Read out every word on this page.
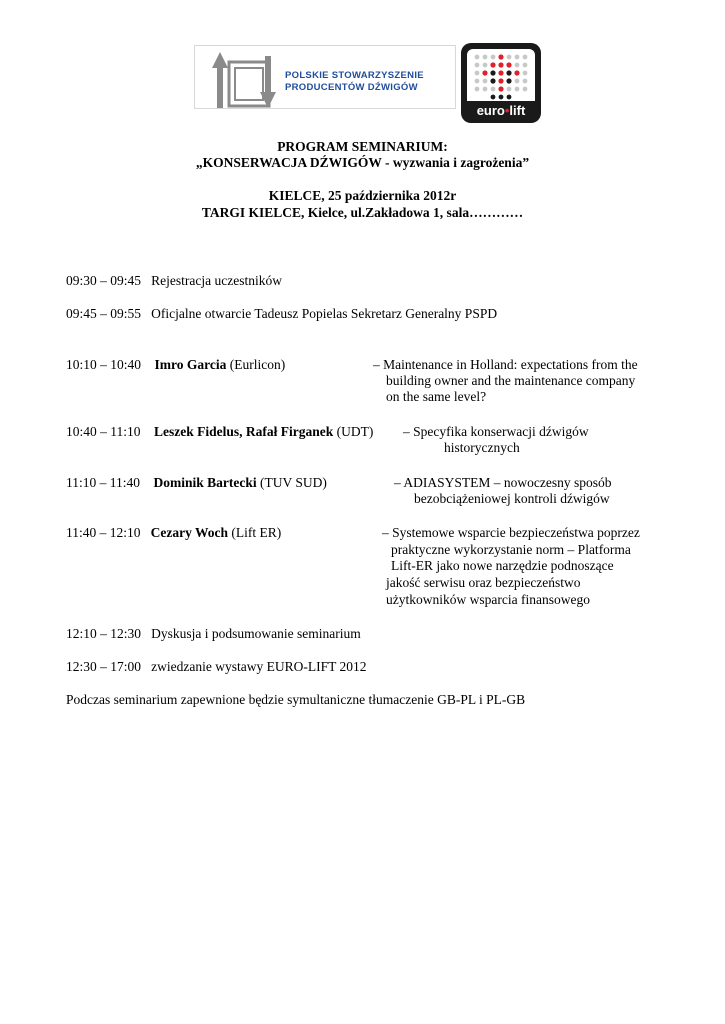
POLSKIE STOWARZYSZENIE
PRODUCENTÓW DŹWIGÓW
euro•lift
PROGRAM SEMINARIUM:
„KONSERWACJA DŹWIGÓW - wyzwania i zagrożenia”
KIELCE, 25 października 2012r
TARGI KIELCE, Kielce, ul.Zakładowa 1, sala…………
09:30 – 09:45 Rejestracja uczestników
09:45 – 09:55 Oficjalne otwarcie Tadeusz Popielas Sekretarz Generalny PSPD
10:10 – 10:40 Imro Garcia (Eurlicon)	– Maintenance in Holland: expectations from the
building owner and the maintenance company
on the same level?
10:40 – 11:10 Leszek Fidelus, Rafał Firganek (UDT) – Specyfika konserwacji dźwigów
historycznych
11:10 – 11:40 Dominik Bartecki (TUV SUD)	– ADIASYSTEM – nowoczesny sposób
bezobciążeniowej kontroli dźwigów
11:40 – 12:10 Cezary Woch (Lift ER)	– Systemowe wsparcie bezpieczeństwa poprzez
praktyczne wykorzystanie norm – Platforma
Lift-ER jako nowe narzędzie podnoszące
jakość serwisu oraz bezpieczeństwo
użytkowników wsparcia finansowego
12:10 – 12:30 Dyskusja i podsumowanie seminarium
12:30 – 17:00 zwiedzanie wystawy EURO-LIFT 2012
Podczas seminarium zapewnione będzie symultaniczne tłumaczenie GB-PL i PL-GB
